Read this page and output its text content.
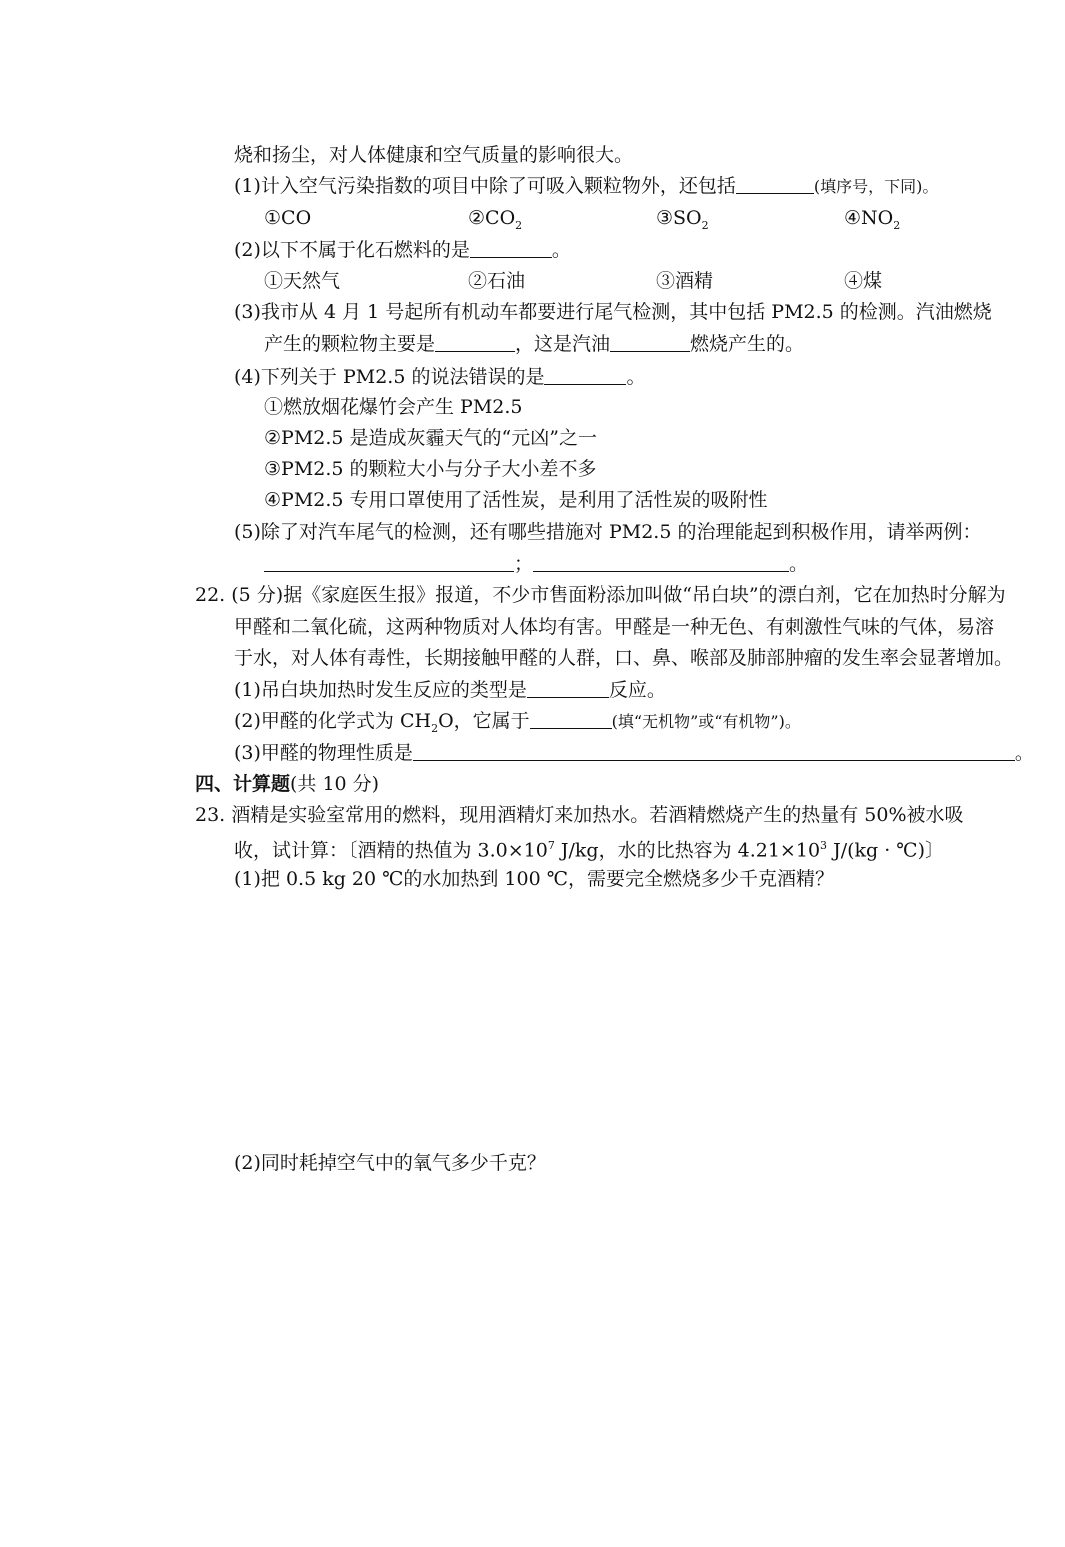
烧和扬尘，对人体健康和空气质量的影响很大。
(1)计入空气污染指数的项目中除了可吸入颗粒物外，还包括	(填序号，下同)。
①CO	$②CO_2$	$③SO_2$	$④NO_2$
(2)以下不属于化石燃料的是	。
①天然气	②石油	③酒精	④煤
(3)我市从 4 月 1 号起所有机动车都要进行尾气检测，其中包括 PM2.5 的检测。汽油燃烧
产生的颗粒物主要是	，这是汽油	燃烧产生的。
(4)下列关于 PM2.5 的说法错误的是	。
①燃放烟花爆竹会产生 PM2.5
②PM2.5 是造成灰霾天气的“元凶”之一
③PM2.5 的颗粒大小与分子大小差不多
④PM2.5 专用口罩使用了活性炭，是利用了活性炭的吸附性
(5)除了对汽车尾气的检测，还有哪些措施对 PM2.5 的治理能起到积极作用，请举两例：
；	。
22. (5 分)据《家庭医生报》报道，不少市售面粉添加叫做“吊白块”的漂白剂，它在加热时分解为
甲醛和二氧化硫，这两种物质对人体均有害。甲醛是一种无色、有刺激性气味的气体，易溶
于水，对人体有毒性，长期接触甲醛的人群，口、鼻、喉部及肺部肿瘤的发生率会显著增加。
(1)吊白块加热时发生反应的类型是	反应。
(2)甲醛的化学式为 $CH_2O$，它属于	(填“无机物”或“有机物”)。
(3)甲醛的物理性质是	。
四、计算题(共 10 分)
23. 酒精是实验室常用的燃料，现用酒精灯来加热水。若酒精燃烧产生的热量有 50%被水吸
收，试计算：〔酒精的热值为 $3.0\times 10^7$ J/kg，水的比热容为 $4.21\times 10^3$ J/(kg · ℃)〕
(1)把 0.5 kg 20 ℃的水加热到 100 ℃，需要完全燃烧多少千克酒精？
(2)同时耗掉空气中的氧气多少千克？
